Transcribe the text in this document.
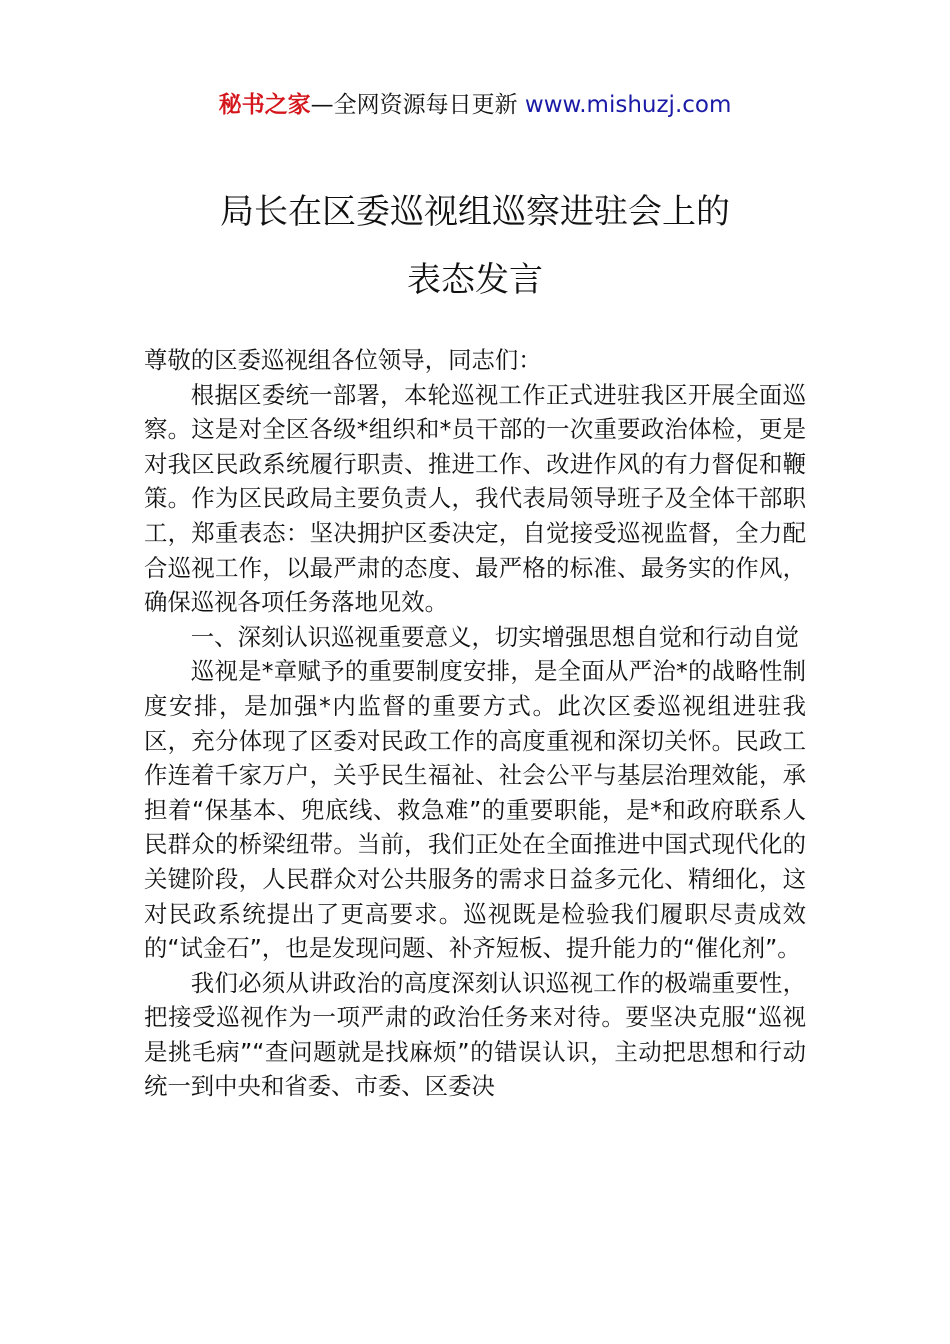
秘书之家—全网资源每日更新 www.mishuzj.com
局长在区委巡视组巡察进驻会上的
表态发言

尊敬的区委巡视组各位领导，同志们：

根据区委统一部署，本轮巡视工作正式进驻我区开展全面巡察。这是对全区各级*组织和*员干部的一次重要政治体检，更是对我区民政系统履行职责、推进工作、改进作风的有力督促和鞭策。作为区民政局主要负责人，我代表局领导班子及全体干部职工，郑重表态：坚决拥护区委决定，自觉接受巡视监督，全力配合巡视工作，以最严肃的态度、最严格的标准、最务实的作风，确保巡视各项任务落地见效。

一、深刻认识巡视重要意义，切实增强思想自觉和行动自觉

巡视是*章赋予的重要制度安排，是全面从严治*的战略性制度安排，是加强*内监督的重要方式。此次区委巡视组进驻我区，充分体现了区委对民政工作的高度重视和深切关怀。民政工作连着千家万户，关乎民生福祉、社会公平与基层治理效能，承担着“保基本、兜底线、救急难”的重要职能，是*和政府联系人民群众的桥梁纽带。当前，我们正处在全面推进中国式现代化的关键阶段，人民群众对公共服务的需求日益多元化、精细化，这对民政系统提出了更高要求。巡视既是检验我们履职尽责成效的“试金石”，也是发现问题、补齐短板、提升能力的“催化剂”。

我们必须从讲政治的高度深刻认识巡视工作的极端重要性，把接受巡视作为一项严肃的政治任务来对待。要坚决克服“巡视是挑毛病”“查问题就是找麻烦”的错误认识，主动把思想和行动统一到中央和省委、市委、区委决
